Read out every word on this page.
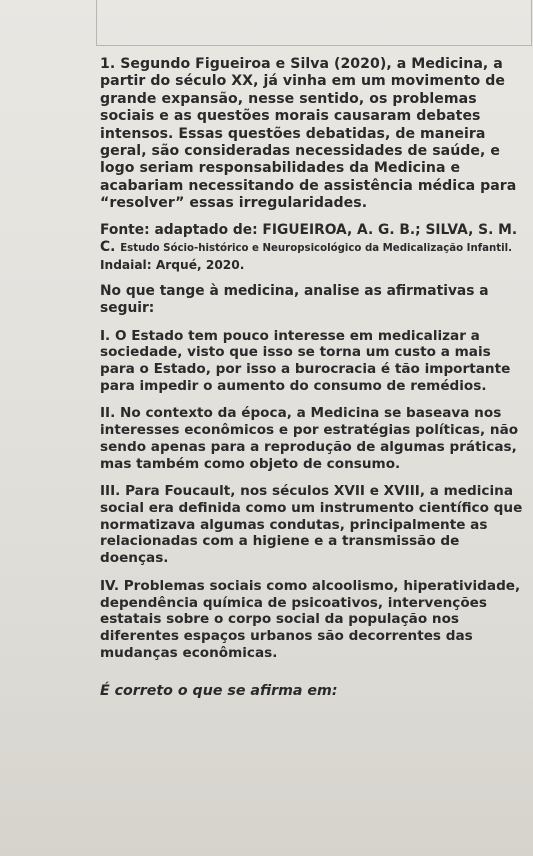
1. Segundo Figueiroa e Silva (2020), a Medicina, a partir do século XX, já vinha em um movimento de grande expansão, nesse sentido, os problemas sociais e as questões morais causaram debates intensos. Essas questões debatidas, de maneira geral, são consideradas necessidades de saúde, e logo seriam responsabilidades da Medicina e acabariam necessitando de assistência médica para “resolver” essas irregularidades.

Fonte: adaptado de: FIGUEIROA, A. G. B.; SILVA, S. M. C. Estudo Sócio-histórico e Neuropsicológico da Medicalização Infantil. Indaial: Arqué, 2020.

No que tange à medicina, analise as afirmativas a seguir:

I. O Estado tem pouco interesse em medicalizar a sociedade, visto que isso se torna um custo a mais para o Estado, por isso a burocracia é tão importante para impedir o aumento do consumo de remédios.

II. No contexto da época, a Medicina se baseava nos interesses econômicos e por estratégias políticas, não sendo apenas para a reprodução de algumas práticas, mas também como objeto de consumo.

III. Para Foucault, nos séculos XVII e XVIII, a medicina social era definida como um instrumento científico que normatizava algumas condutas, principalmente as relacionadas com a higiene e a transmissão de doenças.

IV. Problemas sociais como alcoolismo, hiperatividade, dependência química de psicoativos, intervenções estatais sobre o corpo social da população nos diferentes espaços urbanos são decorrentes das mudanças econômicas.

É correto o que se afirma em:
